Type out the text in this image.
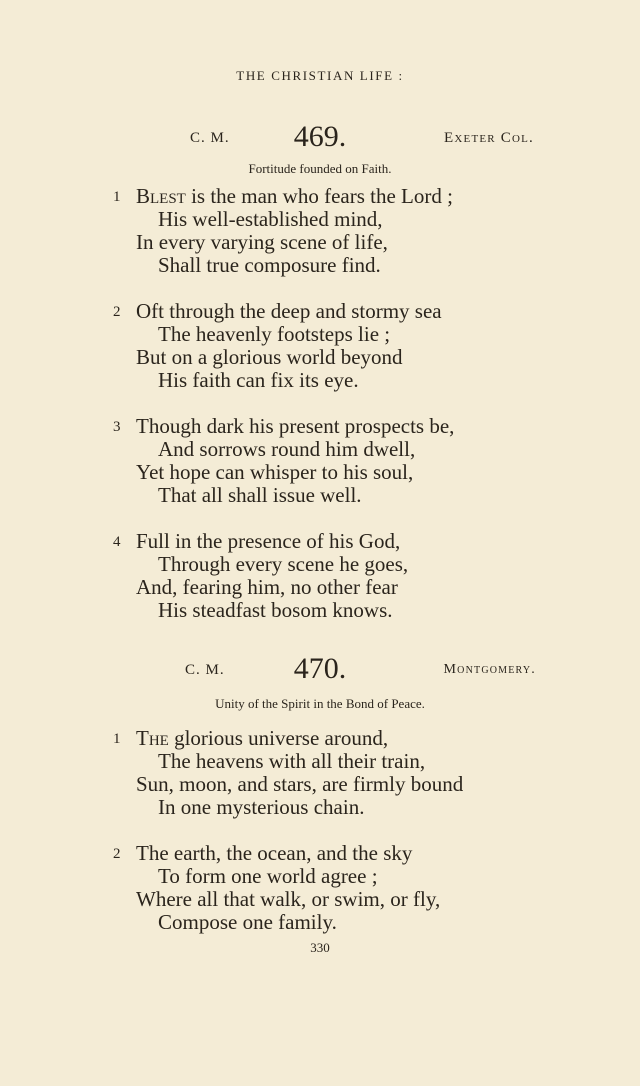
THE CHRISTIAN LIFE :
C. M.	469.	Exeter Col.
Fortitude founded on Faith.
1 Blest is the man who fears the Lord ;
His well-established mind,
In every varying scene of life,
Shall true composure find.
2 Oft through the deep and stormy sea
The heavenly footsteps lie ;
But on a glorious world beyond
His faith can fix its eye.
3 Though dark his present prospects be,
And sorrows round him dwell,
Yet hope can whisper to his soul,
That all shall issue well.
4 Full in the presence of his God,
Through every scene he goes,
And, fearing him, no other fear
His steadfast bosom knows.
C. M.	470.	Montgomery.
Unity of the Spirit in the Bond of Peace.
1 The glorious universe around,
The heavens with all their train,
Sun, moon, and stars, are firmly bound
In one mysterious chain.
2 The earth, the ocean, and the sky
To form one world agree ;
Where all that walk, or swim, or fly,
Compose one family.
330
